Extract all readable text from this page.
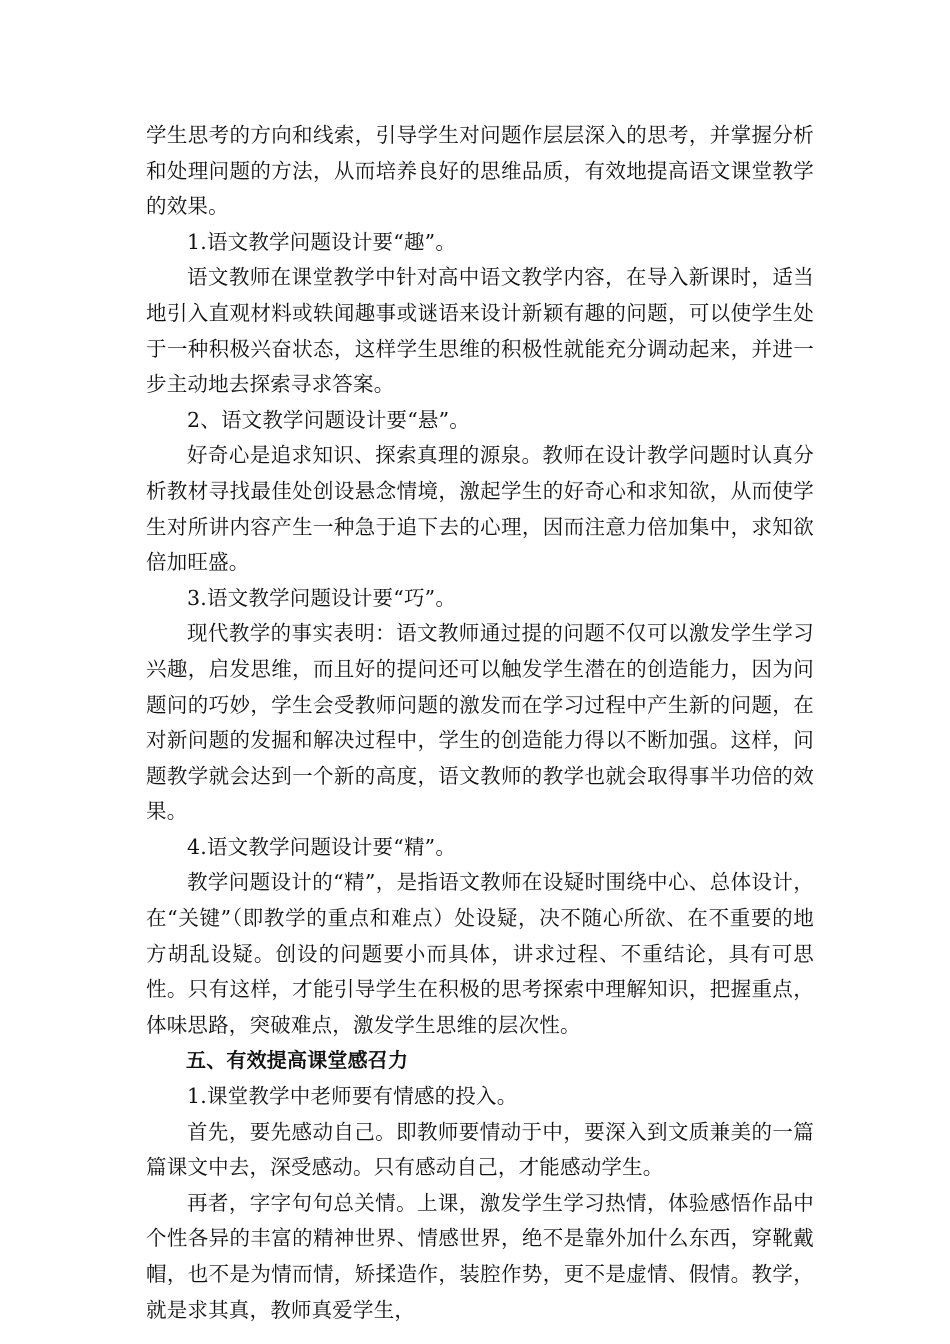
学生思考的方向和线索，引导学生对问题作层层深入的思考，并掌握分析和处理问题的方法，从而培养良好的思维品质，有效地提高语文课堂教学的效果。

1.语文教学问题设计要“趣”。

语文教师在课堂教学中针对高中语文教学内容，在导入新课时，适当地引入直观材料或轶闻趣事或谜语来设计新颖有趣的问题，可以使学生处于一种积极兴奋状态，这样学生思维的积极性就能充分调动起来，并进一步主动地去探索寻求答案。

2、语文教学问题设计要“悬”。

好奇心是追求知识、探索真理的源泉。教师在设计教学问题时认真分析教材寻找最佳处创设悬念情境，激起学生的好奇心和求知欲，从而使学生对所讲内容产生一种急于追下去的心理，因而注意力倍加集中，求知欲倍加旺盛。

3.语文教学问题设计要“巧”。

现代教学的事实表明：语文教师通过提的问题不仅可以激发学生学习兴趣，启发思维，而且好的提问还可以触发学生潜在的创造能力，因为问题问的巧妙，学生会受教师问题的激发而在学习过程中产生新的问题，在对新问题的发掘和解决过程中，学生的创造能力得以不断加强。这样，问题教学就会达到一个新的高度，语文教师的教学也就会取得事半功倍的效果。

4.语文教学问题设计要“精”。

教学问题设计的“精”，是指语文教师在设疑时围绕中心、总体设计，在“关键”（即教学的重点和难点）处设疑，决不随心所欲、在不重要的地方胡乱设疑。创设的问题要小而具体，讲求过程、不重结论，具有可思性。只有这样，才能引导学生在积极的思考探索中理解知识，把握重点，体味思路，突破难点，激发学生思维的层次性。

五、有效提高课堂感召力

1.课堂教学中老师要有情感的投入。

首先，要先感动自己。即教师要情动于中，要深入到文质兼美的一篇篇课文中去，深受感动。只有感动自己，才能感动学生。

再者，字字句句总关情。上课，激发学生学习热情，体验感悟作品中个性各异的丰富的精神世界、情感世界，绝不是靠外加什么东西，穿靴戴帽，也不是为情而情，矫揉造作，装腔作势，更不是虚情、假情。教学，就是求其真，教师真爱学生，
